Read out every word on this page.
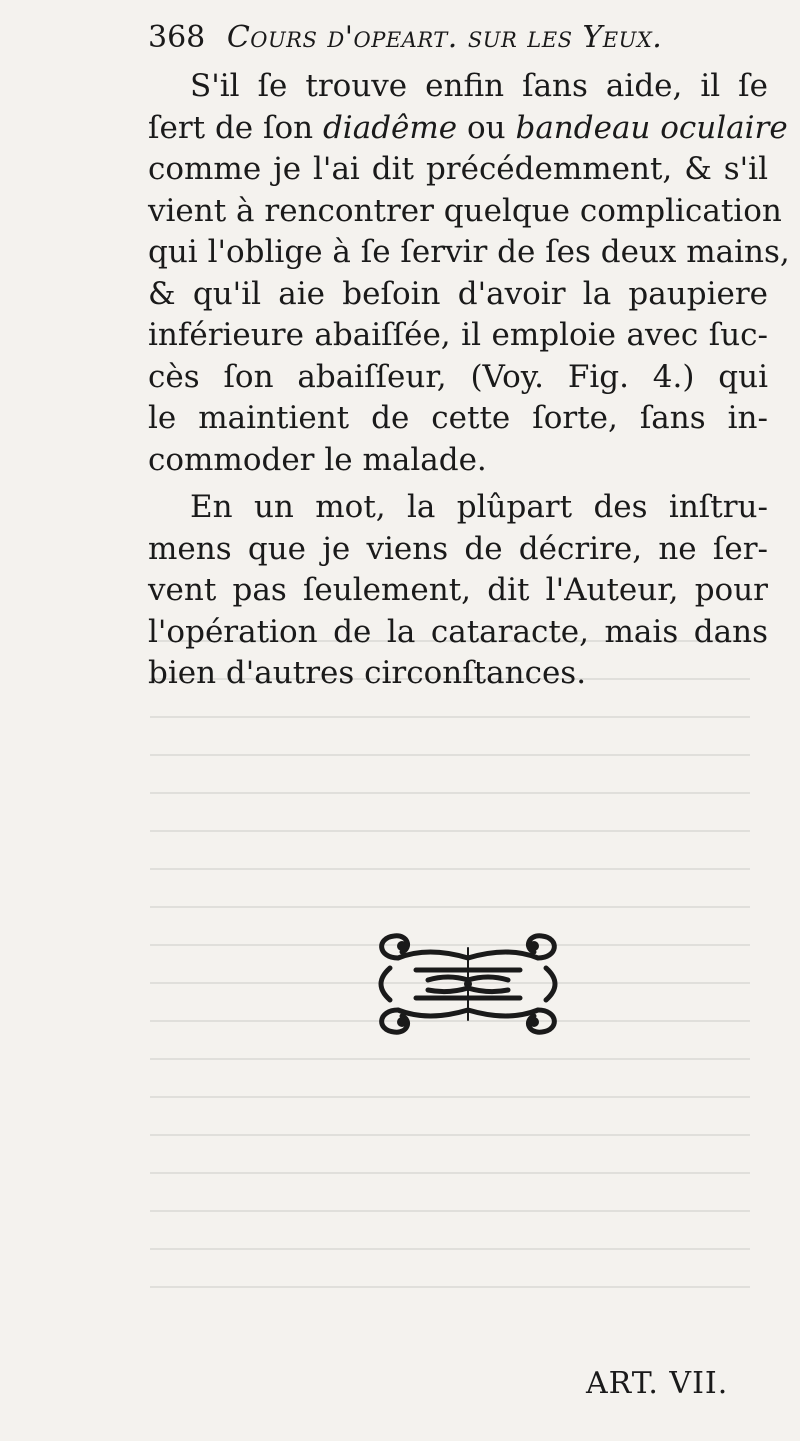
368 Cours d'opeart. sur les Yeux.

S'il ſe trouve enfin ſans aide, il ſe
ſert de ſon diadême ou bandeau oculaire
comme je l'ai dit précédemment, & s'il
vient à rencontrer quelque complication
qui l'oblige à ſe ſervir de ſes deux mains,
& qu'il aie beſoin d'avoir la paupiere
inférieure abaiſſée, il emploie avec ſuc-
cès ſon abaiſſeur, (Voy. Fig. 4.) qui
le maintient de cette ſorte, ſans in-
commoder le malade.

En un mot, la plûpart des inſtru-
mens que je viens de décrire, ne ſer-
vent pas ſeulement, dit l'Auteur, pour
l'opération de la cataracte, mais dans
bien d'autres circonſtances.

ART. VII.
